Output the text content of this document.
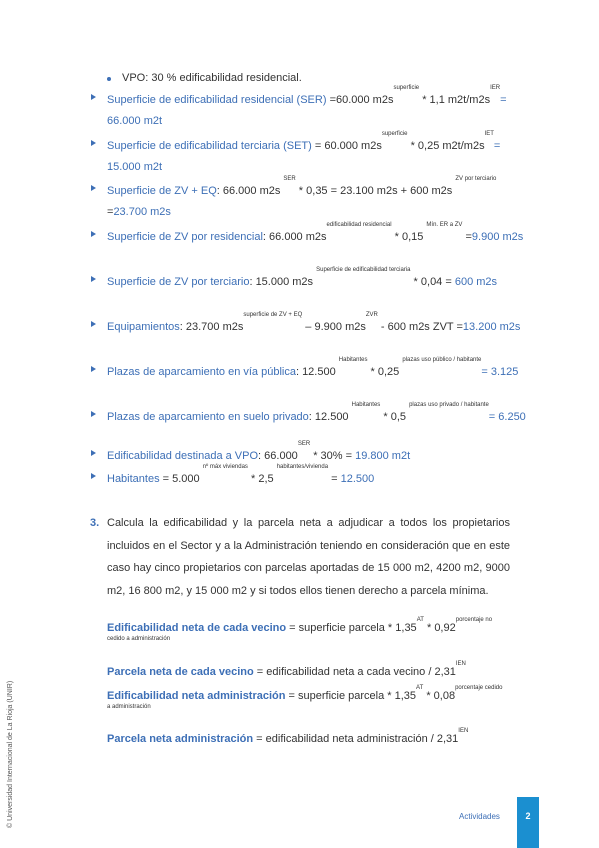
VPO: 30 % edificabilidad residencial.

Superficie de edificabilidad residencial (SER) =60.000 $m2s^{superficie} * 1,1$ $m2t/m2s^{IER}= 66.000$ m2t

Superficie de edificabilidad terciaria (SET) = 60.000 $m2s^{superficie} * 0,25$ $m2t/m2s^{IET}= 15.000$ m2t

Superficie de ZV + EQ: 66.000 m2s $^{SER}$ * 0,35 = 23.100 m2s + 600 m2s $^{ZV por terciario}$ =23.700 m2s

Superficie de ZV por residencial: 66.000 $m2s^{edificabilidad residencial} * 0,15$ $^{Mín. ER a ZV}$ =9.900 m2s

Superficie de ZV por terciario: 15.000 m2s $^{Superficie de edificabilidad terciaria}$ * 0,04 = 600 m2s

Equipamientos: 23.700 $m2s^{superficie de ZV + EQ} - 9.900$ $m2s^{ZVR} - 600$ m2s ZVT =13.200 m2s

Plazas de aparcamiento en vía pública: 12.500 $^{Habitantes}$ * 0,25 $^{plazas uso público / habitante}$= 3.125

Plazas de aparcamiento en suelo privado: 12.500 $^{Habitantes}$ * 0,5 $^{plazas uso privado / habitante}$= 6.250

Edificabilidad destinada a VPO: $66.000^{SER} * 30\% = 19.800$ m2t

Habitantes = 5.000 $^{nº máx viviendas}$ * 2,5 $^{habitantes/vivienda}$ = 12.500

3. Calcula la edificabilidad y la parcela neta a adjudicar a todos los propietarios incluidos en el Sector y a la Administración teniendo en consideración que en este caso hay cinco propietarios con parcelas aportadas de 15 000 m2, 4200 m2, 9000 m2, 16 800 m2, y 15 000 m2 y si todos ellos tienen derecho a parcela mínima.
Edificabilidad neta de cada vecino = superficie parcela * $1,35^{AT} * 0,92^{porcentaje no}$
cedido a administración
Parcela neta de cada vecino = edificabilidad neta a cada vecino / $2,31^{IEN}$
Edificabilidad neta administración = superficie parcela * $1,35^{AT} * 0,08^{porcentaje cedido}$
a administración
Parcela neta administración = edificabilidad neta administración / $2,31^{IEN}$
© Universidad Internacional de La Rioja (UNIR)	Actividades	2
